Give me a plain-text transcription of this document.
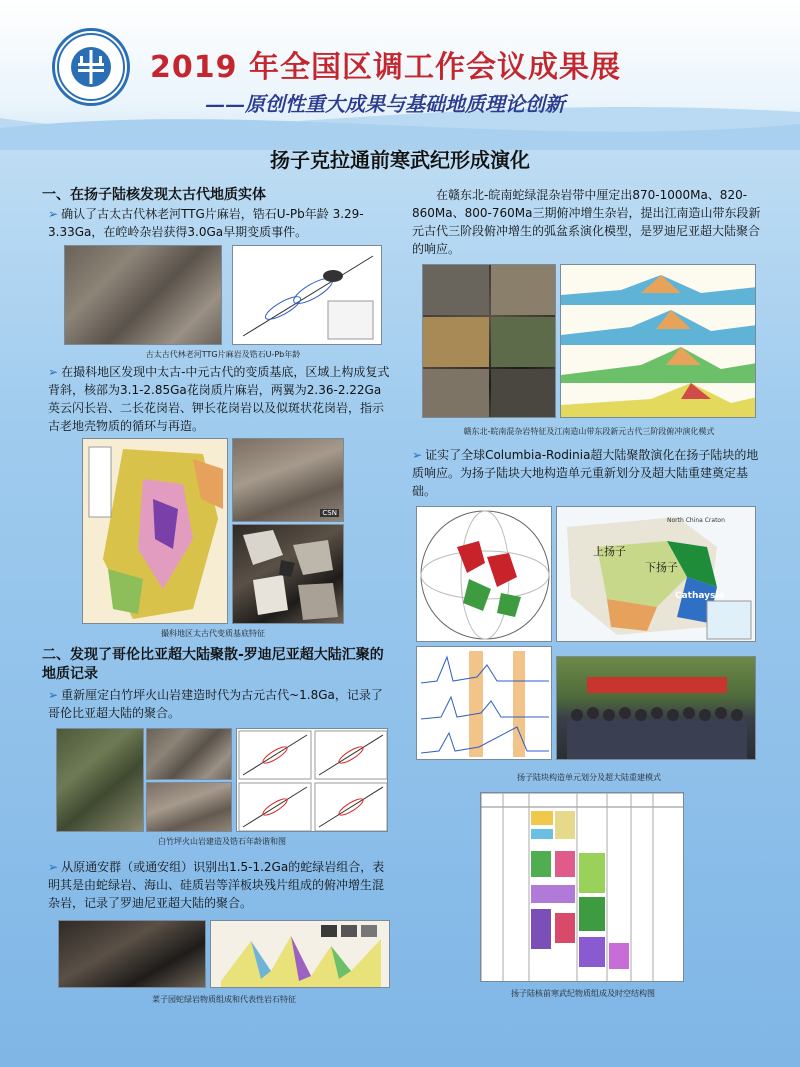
2019 年全国区调工作会议成果展
——原创性重大成果与基础地质理论创新
扬子克拉通前寒武纪形成演化
一、在扬子陆核发现太古代地质实体
➢ 确认了古太古代林老河TTG片麻岩，锆石U-Pb年龄 3.29-3.33Ga，在崆岭杂岩获得3.0Ga早期变质事件。
古太古代林老河TTG片麻岩及锆石U-Pb年龄
➢ 在撮科地区发现中太古-中元古代的变质基底，区域上构成复式背斜，核部为3.1-2.85Ga花岗质片麻岩，两翼为2.36-2.22Ga英云闪长岩、二长花岗岩、钾长花岗岩以及似斑状花岗岩，指示古老地壳物质的循环与再造。
CSN
撮科地区太古代变质基底特征
二、发现了哥伦比亚超大陆聚散-罗迪尼亚超大陆汇聚的地质记录
➢ 重新厘定白竹坪火山岩建造时代为古元古代~1.8Ga，记录了哥伦比亚超大陆的聚合。
白竹坪火山岩建造及锆石年龄谐和图
➢ 从原通安群（或通安组）识别出1.5-1.2Ga的蛇绿岩组合，表明其是由蛇绿岩、海山、硅质岩等洋板块残片组成的俯冲增生混杂岩，记录了罗迪尼亚超大陆的聚合。
菜子园蛇绿岩物质组成和代表性岩石特征
在赣东北-皖南蛇绿混杂岩带中厘定出870-1000Ma、820-860Ma、800-760Ma三期俯冲增生杂岩，提出江南造山带东段新元古代三阶段俯冲增生的弧盆系演化模型，是罗迪尼亚超大陆聚合的响应。
赣东北-皖南混杂岩特征及江南造山带东段新元古代三阶段俯冲演化模式
➢ 证实了全球Columbia-Rodinia超大陆聚散演化在扬子陆块的地质响应。为扬子陆块大地构造单元重新划分及超大陆重建奠定基础。
上扬子
下扬子
Cathaysia
North China Craton
扬子陆块构造单元划分及超大陆重建模式
扬子陆核前寒武纪物质组成及时空结构图
